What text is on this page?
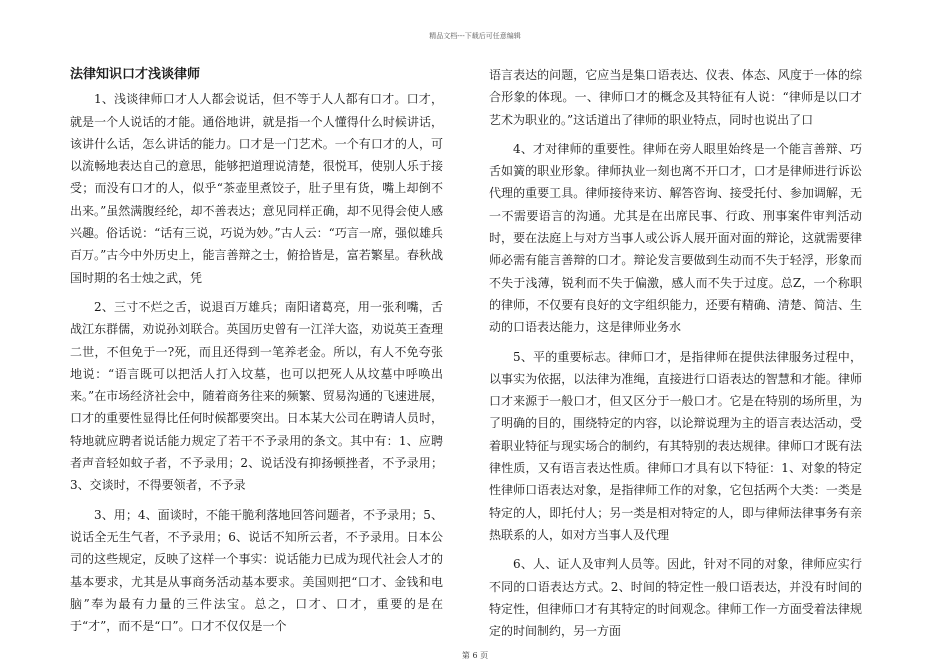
精品文档---下载后可任意编辑
法律知识口才浅谈律师

1、浅谈律师口才人人都会说话，但不等于人人都有口才。口才，就是一个人说话的才能。通俗地讲，就是指一个人懂得什么时候讲话，该讲什么话，怎么讲话的能力。口才是一门艺术。一个有口才的人，可以流畅地表达自己的意思，能够把道理说清楚，很悦耳，使别人乐于接受；而没有口才的人，似乎“茶壶里煮饺子，肚子里有货，嘴上却倒不出来。”虽然满腹经纶，却不善表达；意见同样正确，却不见得会使人感兴趣。俗话说：“话有三说，巧说为妙。”古人云：“巧言一席，强似雄兵百万。”古今中外历史上，能言善辩之士，俯拾皆是，富若繁星。春秋战国时期的名士烛之武，凭

2、三寸不烂之舌，说退百万雄兵；南阳诸葛亮，用一张利嘴，舌战江东群儒，劝说孙刘联合。英国历史曾有一江洋大盗，劝说英王查理二世，不但免于一?死，而且还得到一笔养老金。所以，有人不免夸张地说：“语言既可以把活人打入坟墓，也可以把死人从坟墓中呼唤出来。”在市场经济社会中，随着商务往来的频繁、贸易沟通的飞速进展，口才的重要性显得比任何时候都要突出。日本某大公司在聘请人员时，特地就应聘者说话能力规定了若干不予录用的条文。其中有：1、应聘者声音轻如蚊子者，不予录用；2、说话没有抑扬顿挫者，不予录用；3、交谈时，不得要领者，不予录

3、用；4、面谈时，不能干脆利落地回答问题者，不予录用；5、说话全无生气者，不予录用；6、说话不知所云者，不予录用。日本公司的这些规定，反映了这样一个事实：说话能力已成为现代社会人才的基本要求，尤其是从事商务活动基本要求。美国则把“口才、金钱和电脑”奉为最有力量的三件法宝。总之，口才、口才，重要的是在于“才”，而不是“口”。口才不仅仅是一个

语言表达的问题，它应当是集口语表达、仪表、体态、风度于一体的综合形象的体现。一、律师口才的概念及其特征有人说：“律师是以口才艺术为职业的。”这话道出了律师的职业特点，同时也说出了口

4、才对律师的重要性。律师在旁人眼里始终是一个能言善辩、巧舌如簧的职业形象。律师执业一刻也离不开口才，口才是律师进行诉讼代理的重要工具。律师接待来访、解答咨询、接受托付、参加调解，无一不需要语言的沟通。尤其是在出席民事、行政、刑事案件审判活动时，要在法庭上与对方当事人或公诉人展开面对面的辩论，这就需要律师必需有能言善辩的口才。辩论发言要做到生动而不失于轻浮，形象而不失于浅薄，锐利而不失于偏激，感人而不失于过度。总Z，一个称职的律师，不仅要有良好的文字组织能力，还要有精确、清楚、简洁、生动的口语表达能力，这是律师业务水

5、平的重要标志。律师口才，是指律师在提供法律服务过程中，以事实为依据，以法律为准绳，直接进行口语表达的智慧和才能。律师口才来源于一般口才，但又区分于一般口才。它是在特别的场所里，为了明确的目的，围绕特定的内容，以论辩说理为主的语言表达活动，受着职业特征与现实场合的制约，有其特别的表达规律。律师口才既有法律性质，又有语言表达性质。律师口才具有以下特征：1、对象的特定性律师口语表达对象，是指律师工作的对象，它包括两个大类：一类是特定的人，即托付人；另一类是相对特定的人，即与律师法律事务有亲热联系的人，如对方当事人及代理

6、人、证人及审判人员等。因此，针对不同的对象，律师应实行不同的口语表达方式。2、时间的特定性一般口语表达，并没有时间的特定性，但律师口才有其特定的时间观念。律师工作一方面受着法律规定的时间制约，另一方面

第 6 页
